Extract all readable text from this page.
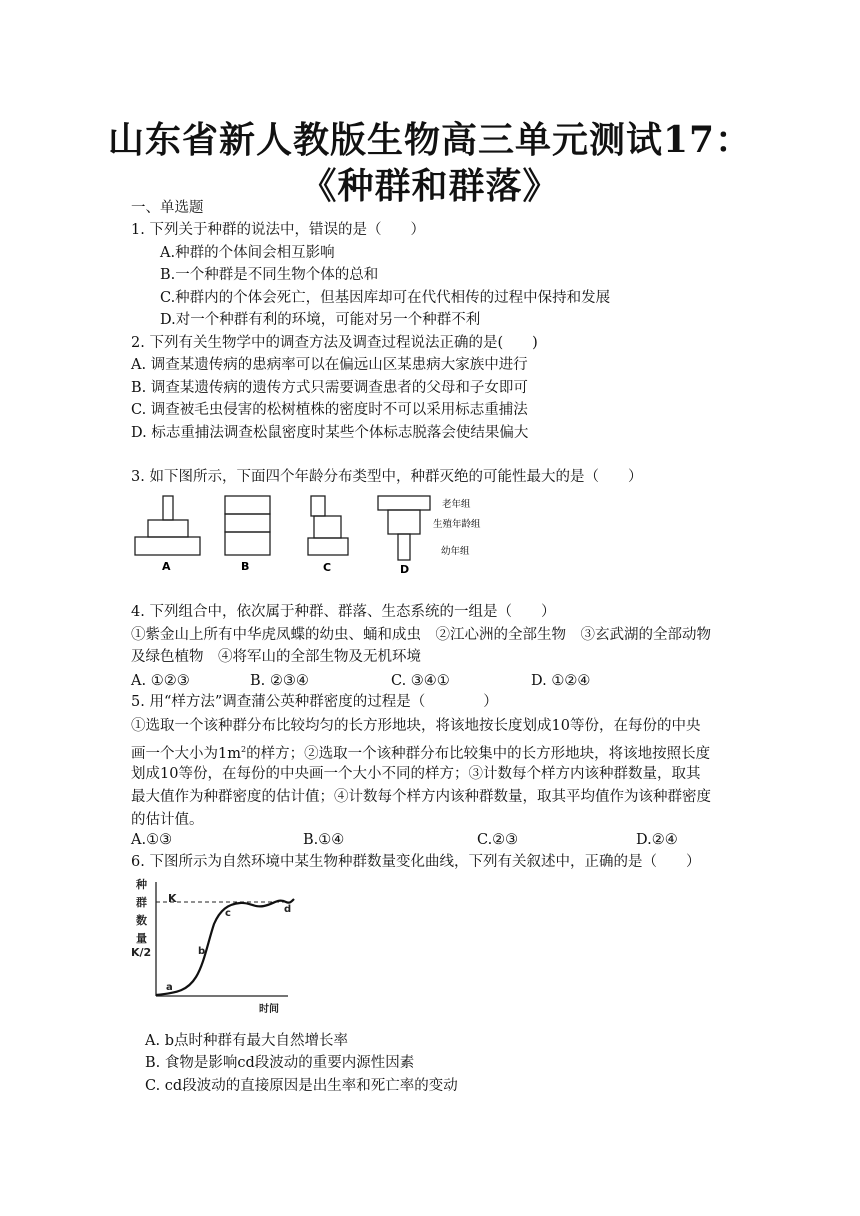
山东省新人教版生物高三单元测试17：
《种群和群落》
一、单选题
1. 下列关于种群的说法中，错误的是（　　）
A.种群的个体间会相互影响
B.一个种群是不同生物个体的总和
C.种群内的个体会死亡，但基因库却可在代代相传的过程中保持和发展
D.对一个种群有利的环境，可能对另一个种群不利
2. 下列有关生物学中的调查方法及调查过程说法正确的是(　　)
A. 调查某遗传病的患病率可以在偏远山区某患病大家族中进行
B. 调查某遗传病的遗传方式只需要调查患者的父母和子女即可
C. 调查被毛虫侵害的松树植株的密度时不可以采用标志重捕法
D. 标志重捕法调查松鼠密度时某些个体标志脱落会使结果偏大
3. 如下图所示，下面四个年龄分布类型中，种群灭绝的可能性最大的是（　　）
A	B	C	D
老年组
生殖年龄组
幼年组
4. 下列组合中，依次属于种群、群落、生态系统的一组是（　　）
①紫金山上所有中华虎凤蝶的幼虫、蛹和成虫　②江心洲的全部生物　③玄武湖的全部动物
及绿色植物　④将军山的全部生物及无机环境
A. ①②③	B. ②③④	C. ③④①	D. ①②④
5. 用“样方法”调查蒲公英种群密度的过程是（　　　　）
①选取一个该种群分布比较均匀的长方形地块，将该地按长度划成10等份，在每份的中央
画一个大小为$1m^2$的样方；②选取一个该种群分布比较集中的长方形地块，将该地按照长度
划成10等份，在每份的中央画一个大小不同的样方；③计数每个样方内该种群数量，取其
最大值作为种群密度的估计值；④计数每个样方内该种群数量，取其平均值作为该种群密度
的估计值。
A.①③	B.①④	C.②③	D.②④
6. 下图所示为自然环境中某生物种群数量变化曲线，下列有关叙述中，正确的是（　　）
种
群
数
量
K
K/2
时间
a
b
c	d
A. b点时种群有最大自然增长率
B. 食物是影响cd段波动的重要内源性因素
C. cd段波动的直接原因是出生率和死亡率的变动
